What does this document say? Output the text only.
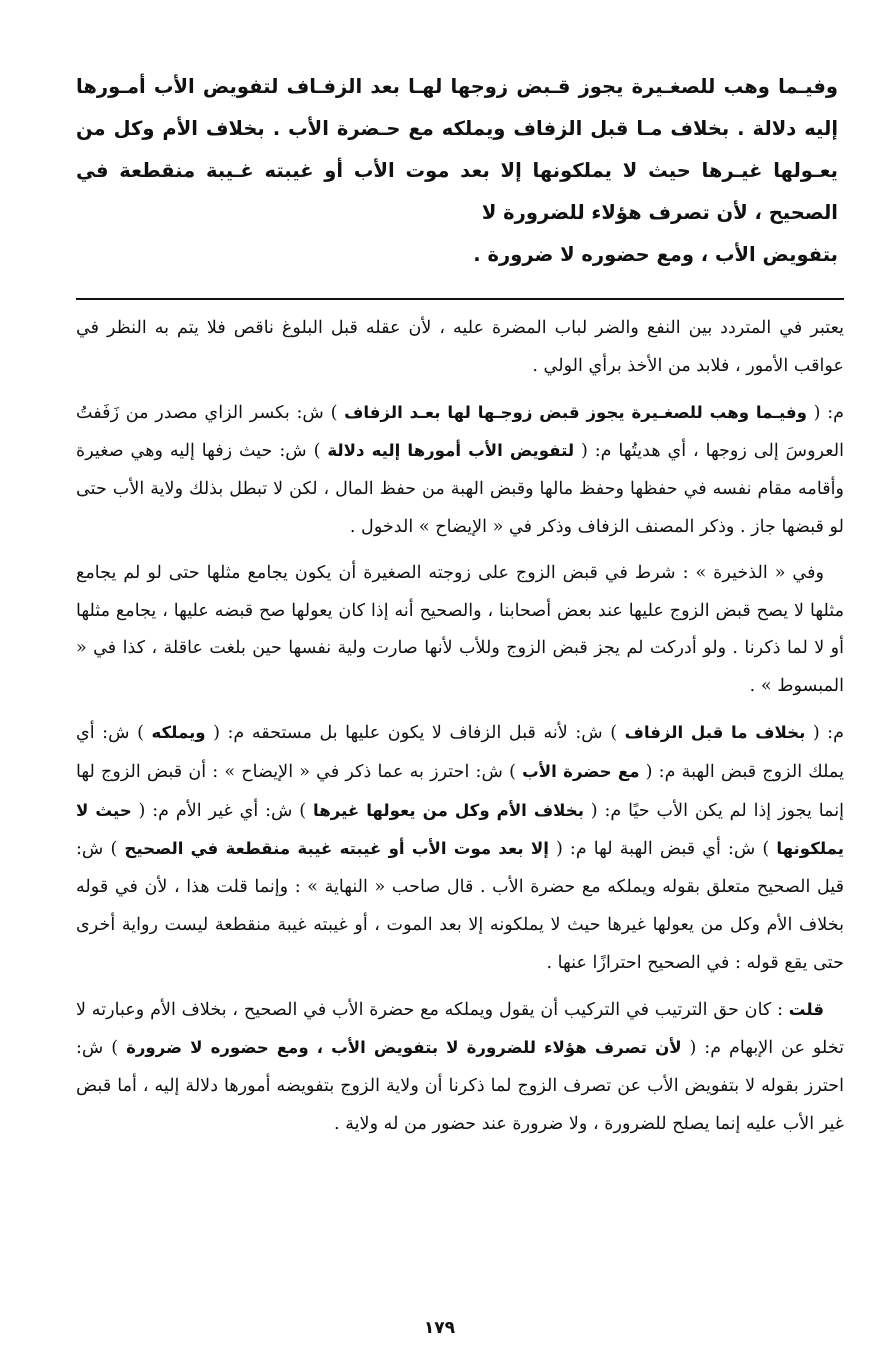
وفيـما وهب للصغـيرة يجوز قـبض زوجها لهـا بعد الزفـاف لتفويض الأب أمـورها إليه دلالة . بخلاف مـا قبل الزفاف ويملكه مع حـضرة الأب . بخلاف الأم وكل من يعـولها غيـرها حيث لا يملكونها إلا بعد موت الأب أو غيبته غـيبة منقطعة في الصحيح ، لأن تصرف هؤلاء للضرورة لا
بتفويض الأب ، ومع حضوره لا ضرورة .

يعتبر في المتردد بين النفع والضر لباب المضرة عليه ، لأن عقله قبل البلوغ ناقص فلا يتم به النظر في عواقب الأمور ، فلابد من الأخذ برأي الولي .

م: ( وفيـما وهب للصغـيرة يجوز قبض زوجـها لها بعـد الزفاف ) ش: بكسر الزاي مصدر من زَفَفتُ العروسَ إلى زوجها ، أي هديتُها م: ( لتفويض الأب أمورها إليه دلالة ) ش: حيث زفها إليه وهي صغيرة وأقامه مقام نفسه في حفظها وحفظ مالها وقبض الهبة من حفظ المال ، لكن لا تبطل بذلك ولاية الأب حتى لو قبضها جاز . وذكر المصنف الزفاف وذكر في « الإيضاح » الدخول .

وفي « الذخيرة » : شرط في قبض الزوج على زوجته الصغيرة أن يكون يجامع مثلها حتى لو لم يجامع مثلها لا يصح قبض الزوج عليها عند بعض أصحابنا ، والصحيح أنه إذا كان يعولها صح قبضه عليها ، يجامع مثلها أو لا لما ذكرنا . ولو أدركت لم يجز قبض الزوج وللأب لأنها صارت ولية نفسها حين بلغت عاقلة ، كذا في « المبسوط » .

م: ( بخلاف ما قبل الزفاف ) ش: لأنه قبل الزفاف لا يكون عليها بل مستحقه م: ( ويملكه ) ش: أي يملك الزوج قبض الهبة م: ( مع حضرة الأب ) ش: احترز به عما ذكر في « الإيضاح » : أن قبض الزوج لها إنما يجوز إذا لم يكن الأب حيًا م: ( بخلاف الأم وكل من يعولها غيرها ) ش: أي غير الأم م: ( حيث لا يملكونها ) ش: أي قبض الهبة لها م: ( إلا بعد موت الأب أو غيبته غيبة منقطعة في الصحيح ) ش: قيل الصحيح متعلق بقوله ويملكه مع حضرة الأب . قال صاحب « النهاية » : وإنما قلت هذا ، لأن في قوله بخلاف الأم وكل من يعولها غيرها حيث لا يملكونه إلا بعد الموت ، أو غيبته غيبة منقطعة ليست رواية أخرى حتى يقع قوله : في الصحيح احترازًا عنها .

قلت : كان حق الترتيب في التركيب أن يقول ويملكه مع حضرة الأب في الصحيح ، بخلاف الأم وعبارته لا تخلو عن الإبهام م: ( لأن تصرف هؤلاء للضرورة لا بتفويض الأب ، ومع حضوره لا ضرورة ) ش: احترز بقوله لا بتفويض الأب عن تصرف الزوج لما ذكرنا أن ولاية الزوج بتفويضه أمورها دلالة إليه ، أما قبض غير الأب عليه إنما يصلح للضرورة ، ولا ضرورة عند حضور من له ولاية .

١٧٩
